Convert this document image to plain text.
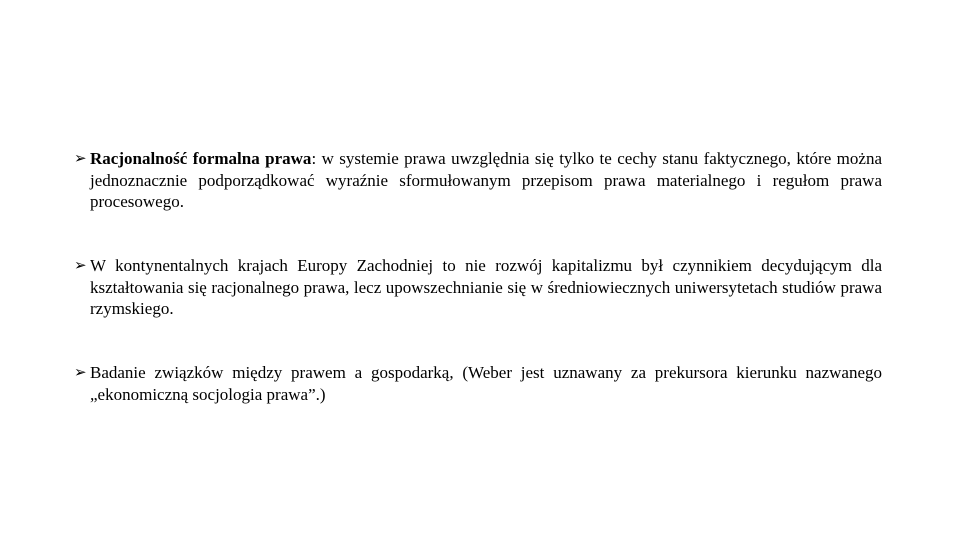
➢ Racjonalność formalna prawa: w systemie prawa uwzględnia się tylko te cechy stanu faktycznego, które można jednoznacznie podporządkować wyraźnie sformułowanym przepisom prawa materialnego i regułom prawa procesowego.
➢ W kontynentalnych krajach Europy Zachodniej to nie rozwój kapitalizmu był czynnikiem decydującym dla kształtowania się racjonalnego prawa, lecz upowszechnianie się w średniowiecznych uniwersytetach studiów prawa rzymskiego.
➢ Badanie związków między prawem a gospodarką, (Weber jest uznawany za prekursora kierunku nazwanego „ekonomiczną socjologia prawa”.)
